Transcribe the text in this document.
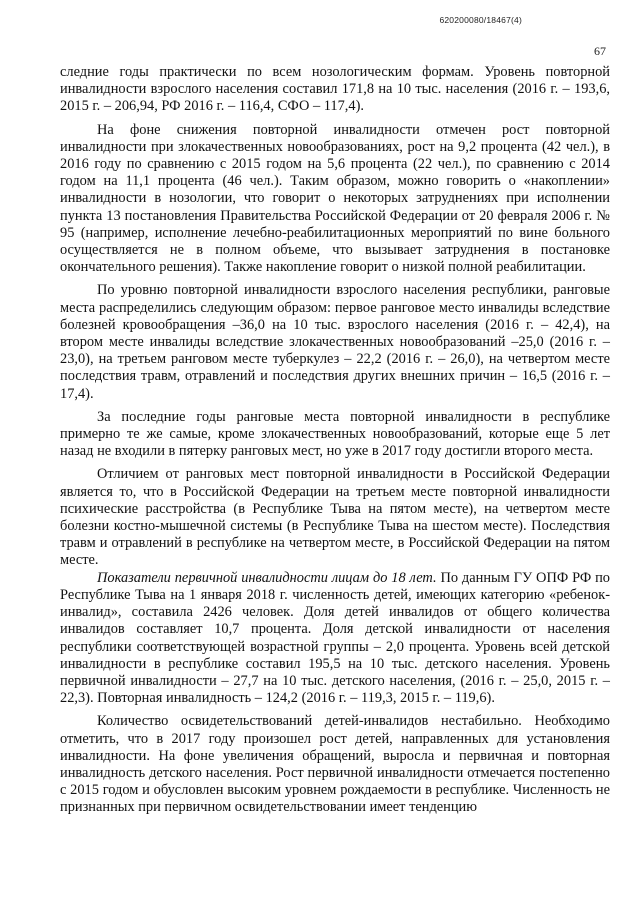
620200080/18467(4)
67

следние годы практически по всем нозологическим формам. Уровень повторной инвалидности взрослого населения составил 171,8 на 10 тыс. населения (2016 г. – 193,6, 2015 г. – 206,94, РФ 2016 г. – 116,4, СФО – 117,4).

На фоне снижения повторной инвалидности отмечен рост повторной инвалидности при злокачественных новообразованиях, рост на 9,2 процента (42 чел.), в 2016 году по сравнению с 2015 годом на 5,6 процента (22 чел.), по сравнению с 2014 годом на 11,1 процента (46 чел.). Таким образом, можно говорить о «накоплении» инвалидности в нозологии, что говорит о некоторых затруднениях при исполнении пункта 13 постановления Правительства Российской Федерации от 20 февраля 2006 г. № 95 (например, исполнение лечебно-реабилитационных мероприятий по вине больного осуществляется не в полном объеме, что вызывает затруднения в постановке окончательного решения). Также накопление говорит о низкой полной реабилитации.

По уровню повторной инвалидности взрослого населения республики, ранговые места распределились следующим образом: первое ранговое место инвалиды вследствие болезней кровообращения –36,0 на 10 тыс. взрослого населения (2016 г. – 42,4), на втором месте инвалиды вследствие злокачественных новообразований –25,0 (2016 г. – 23,0), на третьем ранговом месте туберкулез – 22,2 (2016 г. – 26,0), на четвертом месте последствия травм, отравлений и последствия других внешних причин – 16,5 (2016 г. – 17,4).

За последние годы ранговые места повторной инвалидности в республике примерно те же самые, кроме злокачественных новообразований, которые еще 5 лет назад не входили в пятерку ранговых мест, но уже в 2017 году достигли второго места.

Отличием от ранговых мест повторной инвалидности в Российской Федерации является то, что в Российской Федерации на третьем месте повторной инвалидности психические расстройства (в Республике Тыва на пятом месте), на четвертом месте болезни костно-мышечной системы (в Республике Тыва на шестом месте). Последствия травм и отравлений в республике на четвертом месте, в Российской Федерации на пятом месте.

Показатели первичной инвалидности лицам до 18 лет. По данным ГУ ОПФ РФ по Республике Тыва на 1 января 2018 г. численность детей, имеющих категорию «ребенок-инвалид», составила 2426 человек. Доля детей инвалидов от общего количества инвалидов составляет 10,7 процента. Доля детской инвалидности от населения республики соответствующей возрастной группы – 2,0 процента. Уровень всей детской инвалидности в республике составил 195,5 на 10 тыс. детского населения. Уровень первичной инвалидности – 27,7 на 10 тыс. детского населения, (2016 г. – 25,0, 2015 г. – 22,3). Повторная инвалидность – 124,2 (2016 г. – 119,3, 2015 г. – 119,6).

Количество освидетельствований детей-инвалидов нестабильно. Необходимо отметить, что в 2017 году произошел рост детей, направленных для установления инвалидности. На фоне увеличения обращений, выросла и первичная и повторная инвалидность детского населения. Рост первичной инвалидности отмечается постепенно с 2015 годом и обусловлен высоким уровнем рождаемости в республике. Численность не признанных при первичном освидетельствовании имеет тенденцию
